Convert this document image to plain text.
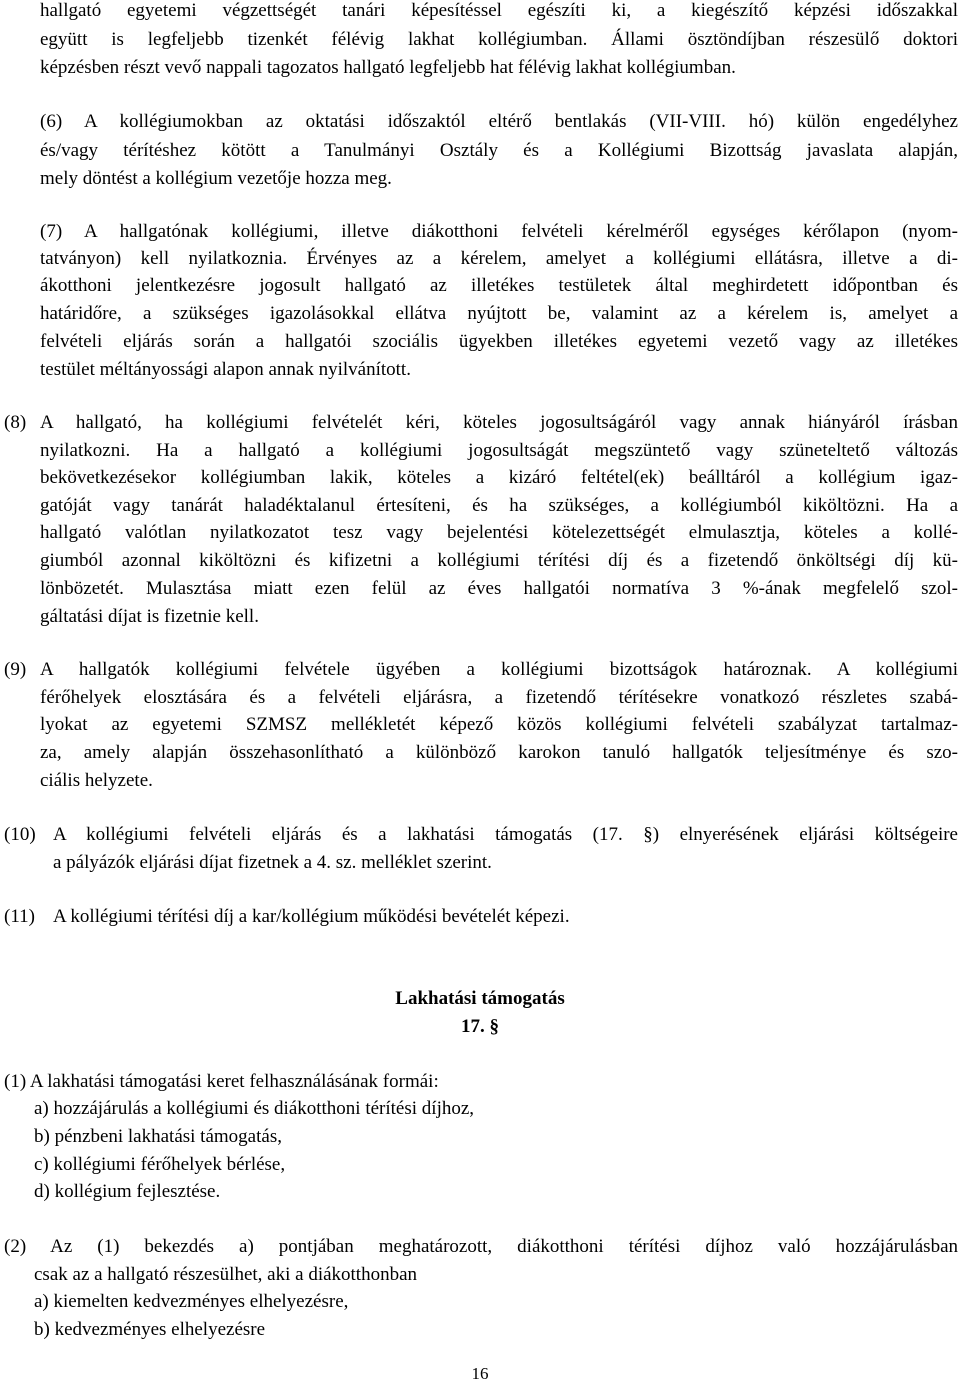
hallgató egyetemi végzettségét tanári képesítéssel egészíti ki, a kiegészítő képzési időszakkal
együtt is legfeljebb tizenkét félévig lakhat kollégiumban. Állami ösztöndíjban részesülő doktori
képzésben részt vevő nappali tagozatos hallgató legfeljebb hat félévig lakhat kollégiumban.
(6) A kollégiumokban az oktatási időszaktól eltérő bentlakás (VII-VIII. hó) külön engedélyhez
és/vagy térítéshez kötött a Tanulmányi Osztály és a Kollégiumi Bizottság javaslata alapján,
mely döntést a kollégium vezetője hozza meg.
(7) A hallgatónak kollégiumi, illetve diákotthoni felvételi kérelméről egységes kérőlapon (nyom-
tatványon) kell nyilatkoznia. Érvényes az a kérelem, amelyet a kollégiumi ellátásra, illetve a di-
ákotthoni jelentkezésre jogosult hallgató az illetékes testületek által meghirdetett időpontban és
határidőre, a szükséges igazolásokkal ellátva nyújtott be, valamint az a kérelem is, amelyet a
felvételi eljárás során a hallgatói szociális ügyekben illetékes egyetemi vezető vagy az illetékes
testület méltányossági alapon annak nyilvánított.
(8) A hallgató, ha kollégiumi felvételét kéri, köteles jogosultságáról vagy annak hiányáról írásban
nyilatkozni. Ha a hallgató a kollégiumi jogosultságát megszüntető vagy szüneteltető változás
bekövetkezésekor kollégiumban lakik, köteles a kizáró feltétel(ek) beálltáról a kollégium igaz-
gatóját vagy tanárát haladéktalanul értesíteni, és ha szükséges, a kollégiumból kiköltözni. Ha a
hallgató valótlan nyilatkozatot tesz vagy bejelentési kötelezettségét elmulasztja, köteles a kollé-
giumból azonnal kiköltözni és kifizetni a kollégiumi térítési díj és a fizetendő önköltségi díj kü-
lönbözetét. Mulasztása miatt ezen felül az éves hallgatói normatíva 3 %-ának megfelelő szol-
gáltatási díjat is fizetnie kell.
(9) A hallgatók kollégiumi felvétele ügyében a kollégiumi bizottságok határoznak. A kollégiumi
férőhelyek elosztására és a felvételi eljárásra, a fizetendő térítésekre vonatkozó részletes szabá-
lyokat az egyetemi SZMSZ mellékletét képező közös kollégiumi felvételi szabályzat tartalmaz-
za, amely alapján összehasonlítható a különböző karokon tanuló hallgatók teljesítménye és szo-
ciális helyzete.
(10) A kollégiumi felvételi eljárás és a lakhatási támogatás (17. §) elnyerésének eljárási költségeire
a pályázók eljárási díjat fizetnek a 4. sz. melléklet szerint.
(11) A kollégiumi térítési díj a kar/kollégium működési bevételét képezi.
Lakhatási támogatás
17. §
(1) A lakhatási támogatási keret felhasználásának formái:
a) hozzájárulás a kollégiumi és diákotthoni térítési díjhoz,
b) pénzbeni lakhatási támogatás,
c) kollégiumi férőhelyek bérlése,
d) kollégium fejlesztése.
(2) Az (1) bekezdés a) pontjában meghatározott, diákotthoni térítési díjhoz való hozzájárulásban
csak az a hallgató részesülhet, aki a diákotthonban
a) kiemelten kedvezményes elhelyezésre,
b) kedvezményes elhelyezésre
16
